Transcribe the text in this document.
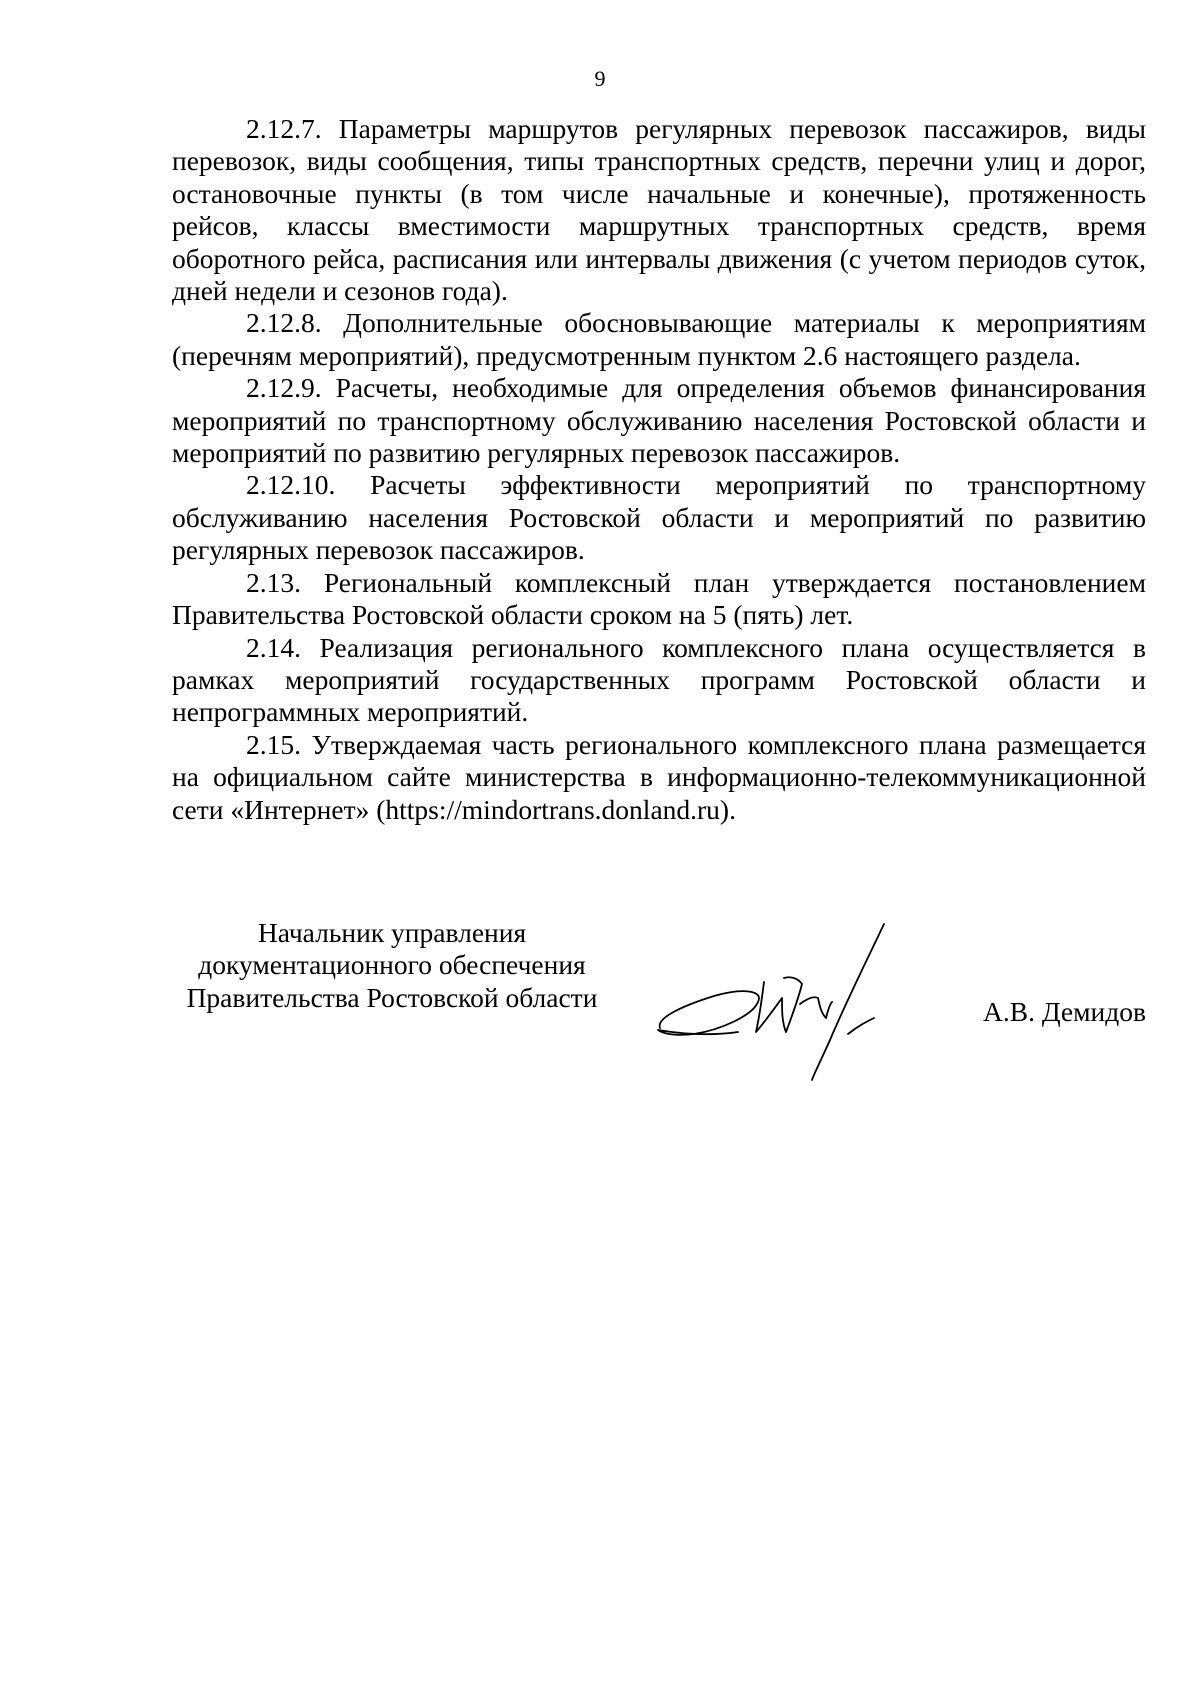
9

2.12.7. Параметры маршрутов регулярных перевозок пассажиров, виды перевозок, виды сообщения, типы транспортных средств, перечни улиц и дорог, остановочные пункты (в том числе начальные и конечные), протяженность рейсов, классы вместимости маршрутных транспортных средств, время оборотного рейса, расписания или интервалы движения (с учетом периодов суток, дней недели и сезонов года).

2.12.8. Дополнительные обосновывающие материалы к мероприятиям (перечням мероприятий), предусмотренным пунктом 2.6 настоящего раздела.

2.12.9. Расчеты, необходимые для определения объемов финансирования мероприятий по транспортному обслуживанию населения Ростовской области и мероприятий по развитию регулярных перевозок пассажиров.

2.12.10. Расчеты эффективности мероприятий по транспортному обслуживанию населения Ростовской области и мероприятий по развитию регулярных перевозок пассажиров.

2.13. Региональный комплексный план утверждается постановлением Правительства Ростовской области сроком на 5 (пять) лет.

2.14. Реализация регионального комплексного плана осуществляется в рамках мероприятий государственных программ Ростовской области и непрограммных мероприятий.

2.15. Утверждаемая часть регионального комплексного плана размещается на официальном сайте министерства в информационно-телекоммуникационной сети «Интернет» (https://mindortrans.donland.ru).

Начальник управления
документационного обеспечения
Правительства Ростовской области	А.В. Демидов
